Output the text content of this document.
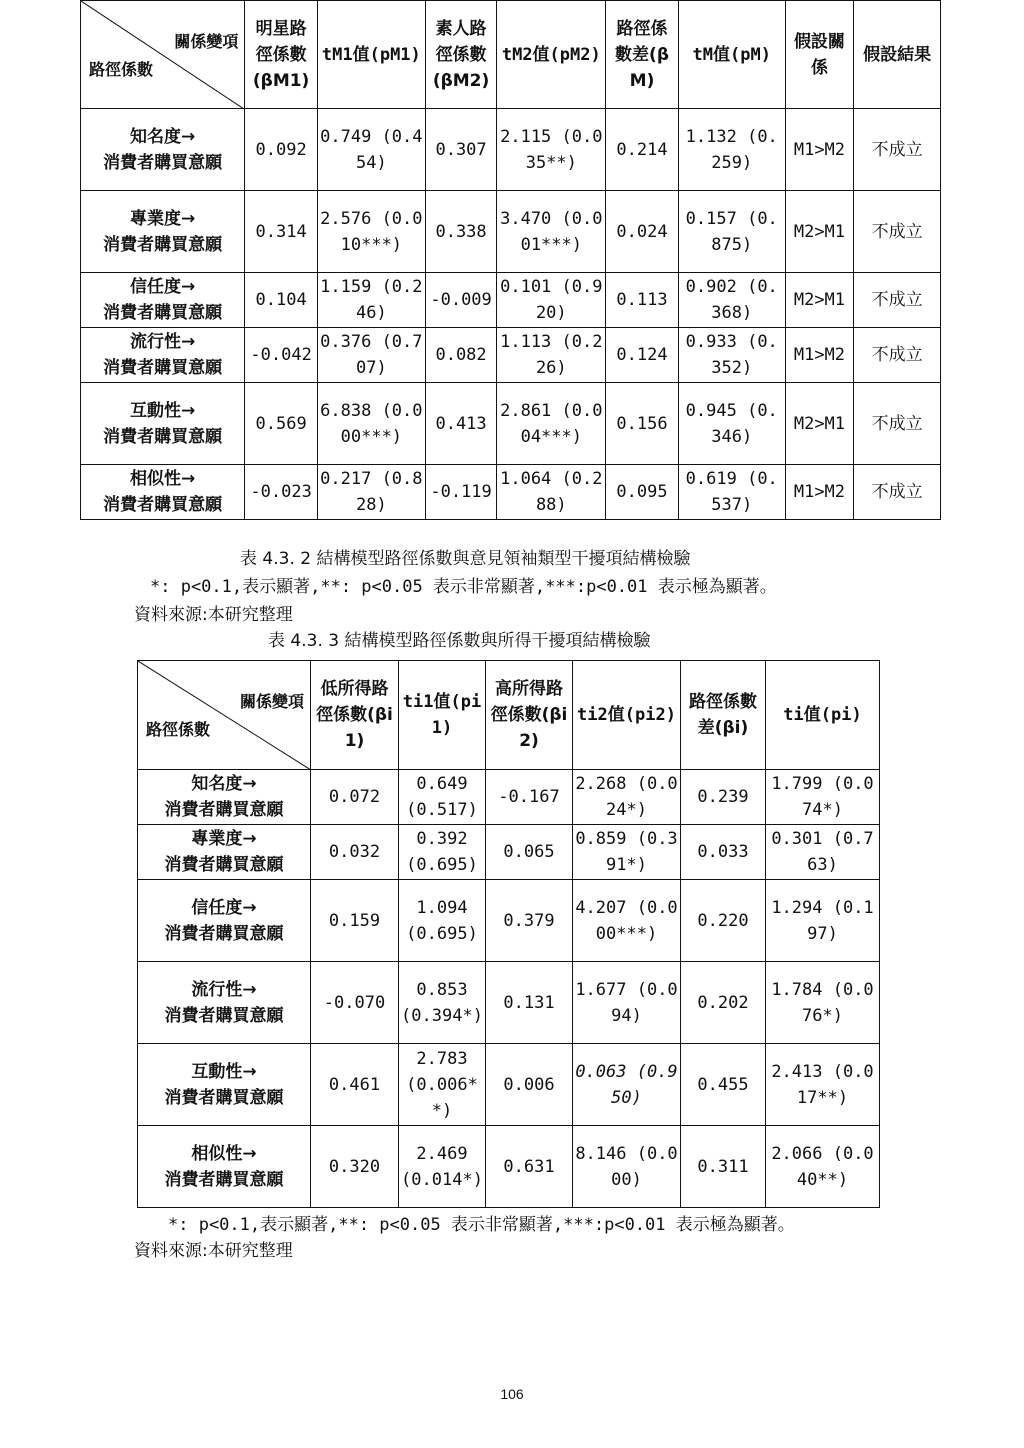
關係變項
路徑係數	明星路徑係數(βM1)	tM1值(pM1)	素人路徑係數(βM2)	tM2值(pM2)	路徑係數差(βM)	tM值(pM)	假設關係	假設結果
知名度→
消費者購買意願	0.092	0.749 (0.454)	0.307	2.115 (0.035**)	0.214	1.132 (0.259)	M1>M2	不成立
專業度→
消費者購買意願	0.314	2.576 (0.010***)	0.338	3.470 (0.001***)	0.024	0.157 (0.875)	M2>M1	不成立
信任度→
消費者購買意願	0.104	1.159 (0.246)	-0.009	0.101 (0.920)	0.113	0.902 (0.368)	M2>M1	不成立
流行性→
消費者購買意願	-0.042	0.376 (0.707)	0.082	1.113 (0.226)	0.124	0.933 (0.352)	M1>M2	不成立
互動性→
消費者購買意願	0.569	6.838 (0.000***)	0.413	2.861 (0.004***)	0.156	0.945 (0.346)	M2>M1	不成立
相似性→
消費者購買意願	-0.023	0.217 (0.828)	-0.119	1.064 (0.288)	0.095	0.619 (0.537)	M1>M2	不成立
表 4.3. 2 結構模型路徑係數與意見領袖類型干擾項結構檢驗
*: p<0.1,表示顯著,**: p<0.05 表示非常顯著,***:p<0.01 表示極為顯著。
資料來源:本研究整理
表 4.3. 3 結構模型路徑係數與所得干擾項結構檢驗
關係變項
路徑係數	低所得路徑係數(βi1)	ti1值(pi1)	高所得路徑係數(βi2)	ti2值(pi2)	路徑係數差(βi)	ti值(pi)
知名度→
消費者購買意願	0.072	0.649 (0.517)	-0.167	2.268 (0.024*)	0.239	1.799 (0.074*)
專業度→
消費者購買意願	0.032	0.392 (0.695)	0.065	0.859 (0.391*)	0.033	0.301 (0.763)
信任度→
消費者購買意願	0.159	1.094 (0.695)	0.379	4.207 (0.000***)	0.220	1.294 (0.197)
流行性→
消費者購買意願	-0.070	0.853 (0.394*)	0.131	1.677 (0.094)	0.202	1.784 (0.076*)
互動性→
消費者購買意願	0.461	2.783 (0.006**)	0.006	0.063 (0.950)	0.455	2.413 (0.017**)
相似性→
消費者購買意願	0.320	2.469 (0.014*)	0.631	8.146 (0.000)	0.311	2.066 (0.040**)
*: p<0.1,表示顯著,**: p<0.05 表示非常顯著,***:p<0.01 表示極為顯著。
資料來源:本研究整理
106
